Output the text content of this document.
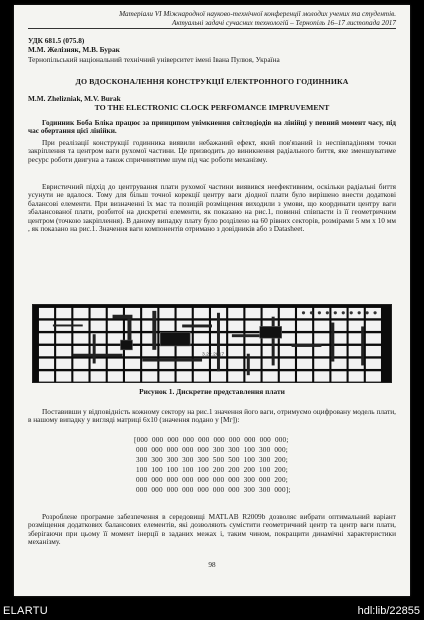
Матеріали VI Міжнародної науково-технічної конференції молодих учених та студентів.
Актуальні задачі сучасних технологій – Тернопіль 16–17 листопада 2017
УДК 681.5 (075.8)
М.М. Желізняк, М.В. Бурак
Тернопільський національний технічний університет імені Івана Пулюя, Україна
ДО ВДОСКОНАЛЕННЯ КОНСТРУКЦІЇ ЕЛЕКТРОННОГО ГОДИННИКА
M.M. Zheliznіak, M.V. Burak
TO THE ELECTRONIC CLOCK PERFOMANCE IMPRUVEMENT
Годинник Боба Бліка працює за принципом увімкнення світлодіодів на лінійці у певний момент часу, під час обертання цієї лінійки.
При реалізації конструкції годинника виявили небажаний ефект, який пов'язаний із неспівпадінням точки закріплення та центром ваги рухомої частини. Це призводить до виникнення радіального биття, яке зменшуватиме ресурс роботи двигуна а також спричинятиме шум під час роботи механізму.
Евристичний підхід до центрування плати рухомої частини виявився неефективним, оскільки радіальні биття усунути не вдалося. Тому для більш точної корекції центру ваги діодної плати було вирішено внести додаткові балансові елементи. При визначенні їх мас та позицій розміщення виходили з умови, що координати центру ваги збалансованої плати, розбитої на дискретні елементи, як показано на рис.1, повинні співпасти із її геометричним центром (точкою закріплення). В даному випадку плату було розділено на 60 рівних секторів, розмірами 5 мм x 10 мм , як показано на рис.1. Значення ваги компонентів отримано з довідників або з Datasheet.
3.22.2017
Рисунок 1. Дискретне представлення плати
Поставивши у відповідність кожному сектору на рис.1 значення його ваги, отримуємо оцифровану модель плати, в нашому випадку у вигляді матриці 6х10 (значення подано у [Мг]):
[000  000  000  000  000  000  000  000  000  000;
000  000  000  000  000  300  300  100  300  000;
300  300  300  300  300  500  500  100  300  200;
100  100  100  100  100  200  200  200  100  200;
000  000  000  000  000  000  000  300  000  200;
000  000  000  000  000  000  000  300  300  000];
Розроблене програмне забезпечення в середовищі MATLAB R2009b дозволяє вибрати оптимальний варіант розміщення додаткових балансових елементів, які дозволяють сумістити геометричний центр та центр ваги плати, зберігаючи при цьому її момент інерції в заданих межах і, таким чином, покращити динамічні характеристики механізму.
98
ELARTU	hdl:lib/22855
